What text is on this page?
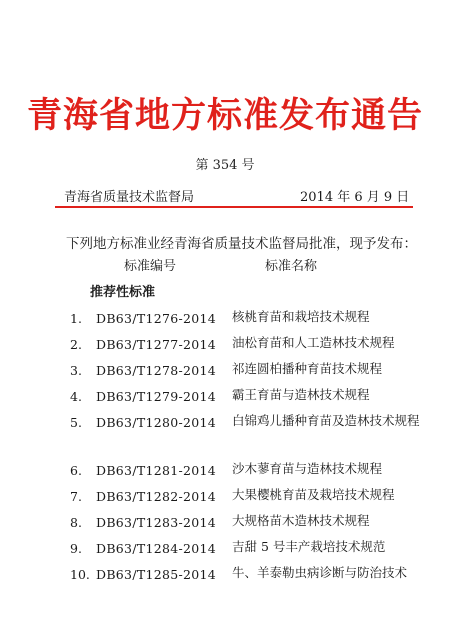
青海省地方标准发布通告
第 354 号
青海省质量技术监督局	2014 年 6 月 9 日
下列地方标准业经青海省质量技术监督局批准，现予发布：
标准编号	标准名称
推荐性标准
1. DB63/T1276-2014 核桃育苗和栽培技术规程
2. DB63/T1277-2014 油松育苗和人工造林技术规程
3. DB63/T1278-2014 祁连圆柏播种育苗技术规程
4. DB63/T1279-2014 霸王育苗与造林技术规程
5. DB63/T1280-2014 白锦鸡儿播种育苗及造林技术规程
6. DB63/T1281-2014 沙木蓼育苗与造林技术规程
7. DB63/T1282-2014 大果樱桃育苗及栽培技术规程
8. DB63/T1283-2014 大规格苗木造林技术规程
9. DB63/T1284-2014 吉甜 5 号丰产栽培技术规范
10. DB63/T1285-2014 牛、羊泰勒虫病诊断与防治技术
